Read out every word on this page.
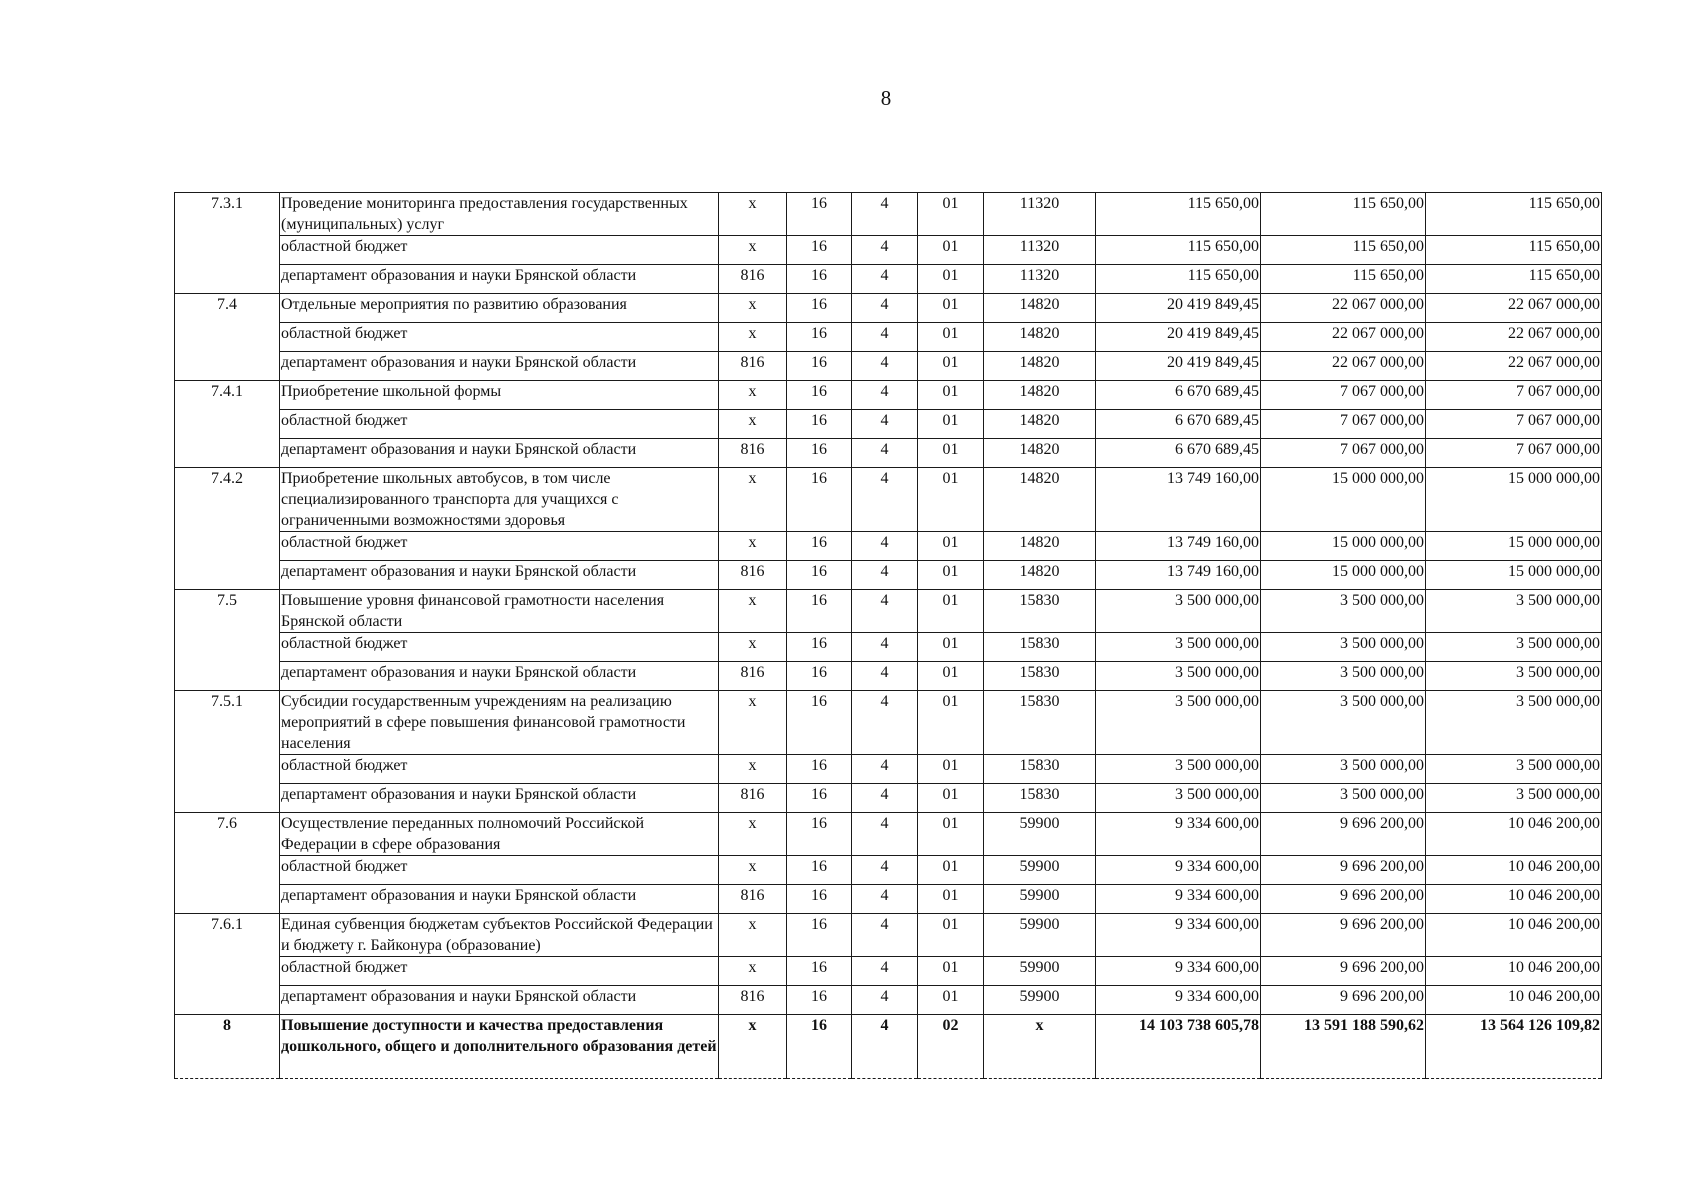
8
7.3.1	Проведение мониторинга предоставления государственных (муниципальных) услуг	х	16	4	01	11320	115 650,00	115 650,00	115 650,00
	областной бюджет	х	16	4	01	11320	115 650,00	115 650,00	115 650,00
	департамент образования и науки Брянской области	816	16	4	01	11320	115 650,00	115 650,00	115 650,00
7.4	Отдельные мероприятия по развитию образования	х	16	4	01	14820	20 419 849,45	22 067 000,00	22 067 000,00
	областной бюджет	х	16	4	01	14820	20 419 849,45	22 067 000,00	22 067 000,00
	департамент образования и науки Брянской области	816	16	4	01	14820	20 419 849,45	22 067 000,00	22 067 000,00
7.4.1	Приобретение школьной формы	х	16	4	01	14820	6 670 689,45	7 067 000,00	7 067 000,00
	областной бюджет	х	16	4	01	14820	6 670 689,45	7 067 000,00	7 067 000,00
	департамент образования и науки Брянской области	816	16	4	01	14820	6 670 689,45	7 067 000,00	7 067 000,00
7.4.2	Приобретение школьных автобусов, в том числе специализированного транспорта для учащихся с ограниченными возможностями здоровья	х	16	4	01	14820	13 749 160,00	15 000 000,00	15 000 000,00
	областной бюджет	х	16	4	01	14820	13 749 160,00	15 000 000,00	15 000 000,00
	департамент образования и науки Брянской области	816	16	4	01	14820	13 749 160,00	15 000 000,00	15 000 000,00
7.5	Повышение уровня финансовой грамотности населения Брянской области	х	16	4	01	15830	3 500 000,00	3 500 000,00	3 500 000,00
	областной бюджет	х	16	4	01	15830	3 500 000,00	3 500 000,00	3 500 000,00
	департамент образования и науки Брянской области	816	16	4	01	15830	3 500 000,00	3 500 000,00	3 500 000,00
7.5.1	Субсидии государственным учреждениям на реализацию мероприятий в сфере повышения финансовой грамотности населения	х	16	4	01	15830	3 500 000,00	3 500 000,00	3 500 000,00
	областной бюджет	х	16	4	01	15830	3 500 000,00	3 500 000,00	3 500 000,00
	департамент образования и науки Брянской области	816	16	4	01	15830	3 500 000,00	3 500 000,00	3 500 000,00
7.6	Осуществление переданных полномочий Российской Федерации в сфере образования	х	16	4	01	59900	9 334 600,00	9 696 200,00	10 046 200,00
	областной бюджет	х	16	4	01	59900	9 334 600,00	9 696 200,00	10 046 200,00
	департамент образования и науки Брянской области	816	16	4	01	59900	9 334 600,00	9 696 200,00	10 046 200,00
7.6.1	Единая субвенция бюджетам субъектов Российской Федерации и бюджету г. Байконура (образование)	х	16	4	01	59900	9 334 600,00	9 696 200,00	10 046 200,00
	областной бюджет	х	16	4	01	59900	9 334 600,00	9 696 200,00	10 046 200,00
	департамент образования и науки Брянской области	816	16	4	01	59900	9 334 600,00	9 696 200,00	10 046 200,00
8	Повышение доступности и качества предоставления дошкольного, общего и дополнительного образования детей	х	16	4	02	х	14 103 738 605,78	13 591 188 590,62	13 564 126 109,82
